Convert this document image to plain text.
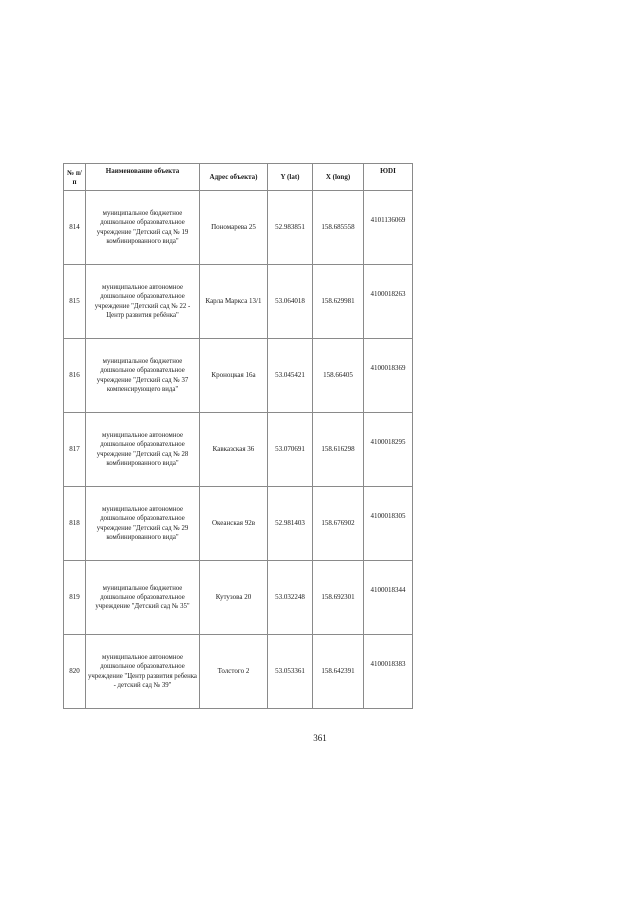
№ п/п	Наименование объекта	Адрес объекта)	Y (lat)	X (long)	ЮDI
814	муниципальное бюджетное дошкольное образовательное учреждение "Детский сад № 19 комбинированного вида"	Пономарева 25	52.983851	158.685558	4101136069
815	муниципальное автономное дошкольное образовательное учреждение "Детский сад № 22 - Центр развития ребёнка"	Карла Маркса 13/1	53.064018	158.629981	4100018263
816	муниципальное бюджетное дошкольное образовательное учреждение "Детский сад № 37 компенсирующего вида"	Кроноцкая 16а	53.045421	158.66405	4100018369
817	муниципальное автономное дошкольное образовательное учреждение "Детский сад № 28 комбинированного вида"	Кавказская 36	53.070691	158.616298	4100018295
818	муниципальное автономное дошкольное образовательное учреждение "Детский сад № 29 комбинированного вида"	Океанская 92в	52.981403	158.676902	4100018305
819	муниципальное бюджетное дошкольное образовательное учреждение "Детский сад № 35"	Кутузова 20	53.032248	158.692301	4100018344
820	муниципальное автономное дошкольное образовательное учреждение "Центр развития ребенка - детский сад № 39"	Толстого 2	53.053361	158.642391	4100018383
361
